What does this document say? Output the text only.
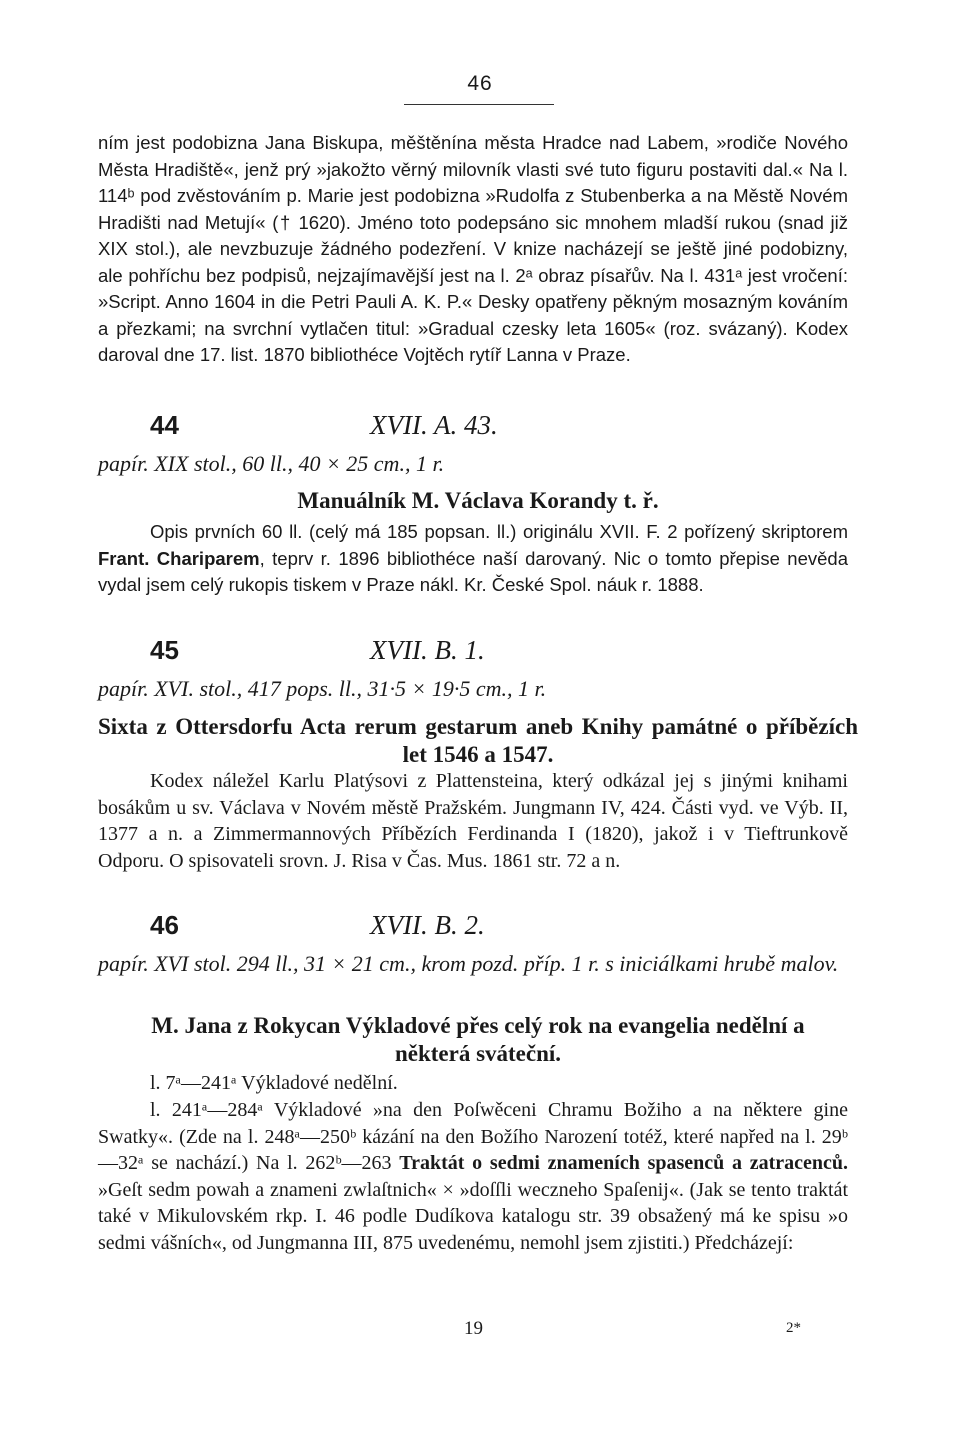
46

ním jest podobizna Jana Biskupa, měštěnína města Hradce nad Labem, »rodiče Nového Města Hradiště«, jenž prý »jakožto věrný milovník vlasti své tuto figuru postaviti dal.« Na l. 114ᵇ pod zvěstováním p. Marie jest podobizna »Rudolfa z Stubenberka a na Městě Novém Hradišti nad Metují« († 1620). Jméno toto podepsáno sic mnohem mladší rukou (snad již XIX stol.), ale nevzbuzuje žádného podezření. V knize nacházejí se ještě jiné podobizny, ale pohříchu bez podpisů, nejzajímavější jest na l. 2ᵃ obraz písařův. Na l. 431ᵃ jest vročení: »Script. Anno 1604 in die Petri Pauli A. K. P.« Desky opatřeny pěkným mosazným kováním a přezkami; na svrchní vytlačen titul: »Gradual czesky leta 1605« (roz. svázaný). Kodex daroval dne 17. list. 1870 bibliothéce Vojtěch rytíř Lanna v Praze.

44	XVII. A. 43.

papír. XIX stol., 60 ll., 40 × 25 cm., 1 r.

Manuálník M. Václava Korandy t. ř.

Opis prvních 60 ll. (celý má 185 popsan. ll.) originálu XVII. F. 2 pořízený skriptorem Frant. Chariparem, teprv r. 1896 bibliothéce naší darovaný. Nic o tomto přepise nevěda vydal jsem celý rukopis tiskem v Praze nákl. Kr. České Spol. náuk r. 1888.

45	XVII. B. 1.

papír. XVI. stol., 417 pops. ll., 31·5 × 19·5 cm., 1 r.

Sixta z Ottersdorfu Acta rerum gestarum aneb Knihy památné o příbězích let 1546 a 1547.

Kodex náležel Karlu Platýsovi z Plattensteina, který odkázal jej s jinými knihami bosákům u sv. Václava v Novém městě Pražském. Jungmann IV, 424. Části vyd. ve Výb. II, 1377 a n. a Zimmermannových Příbězích Ferdinanda I (1820), jakož i v Tieftrunkově Odporu. O spisovateli srovn. J. Risa v Čas. Mus. 1861 str. 72 a n.

46	XVII. B. 2.

papír. XVI stol. 294 ll., 31 × 21 cm., krom pozd. příp. 1 r. s iniciálkami hrubě malov.

M. Jana z Rokycan Výkladové přes celý rok na evangelia nedělní a některá sváteční.

l. 7ᵃ—241ᵃ Výkladové nedělní.

l. 241ᵃ—284ᵃ Výkladové »na den Poſwěceni Chramu Božiho a na některe gine Swatky«. (Zde na l. 248ᵃ—250ᵇ kázání na den Božího Narození totéž, které napřed na l. 29ᵇ—32ᵃ se nachází.) Na l. 262ᵇ—263 Traktát o sedmi znameních spasenců a zatracenců. »Geſt sedm powah a znameni zwlaſtnich« × »doſſli weczneho Spaſenij«. (Jak se tento traktát také v Mikulovském rkp. I. 46 podle Dudíkova katalogu str. 39 obsažený má ke spisu »o sedmi vášních«, od Jungmanna III, 875 uvedenému, nemohl jsem zjistiti.) Předcházejí:

19	2*
